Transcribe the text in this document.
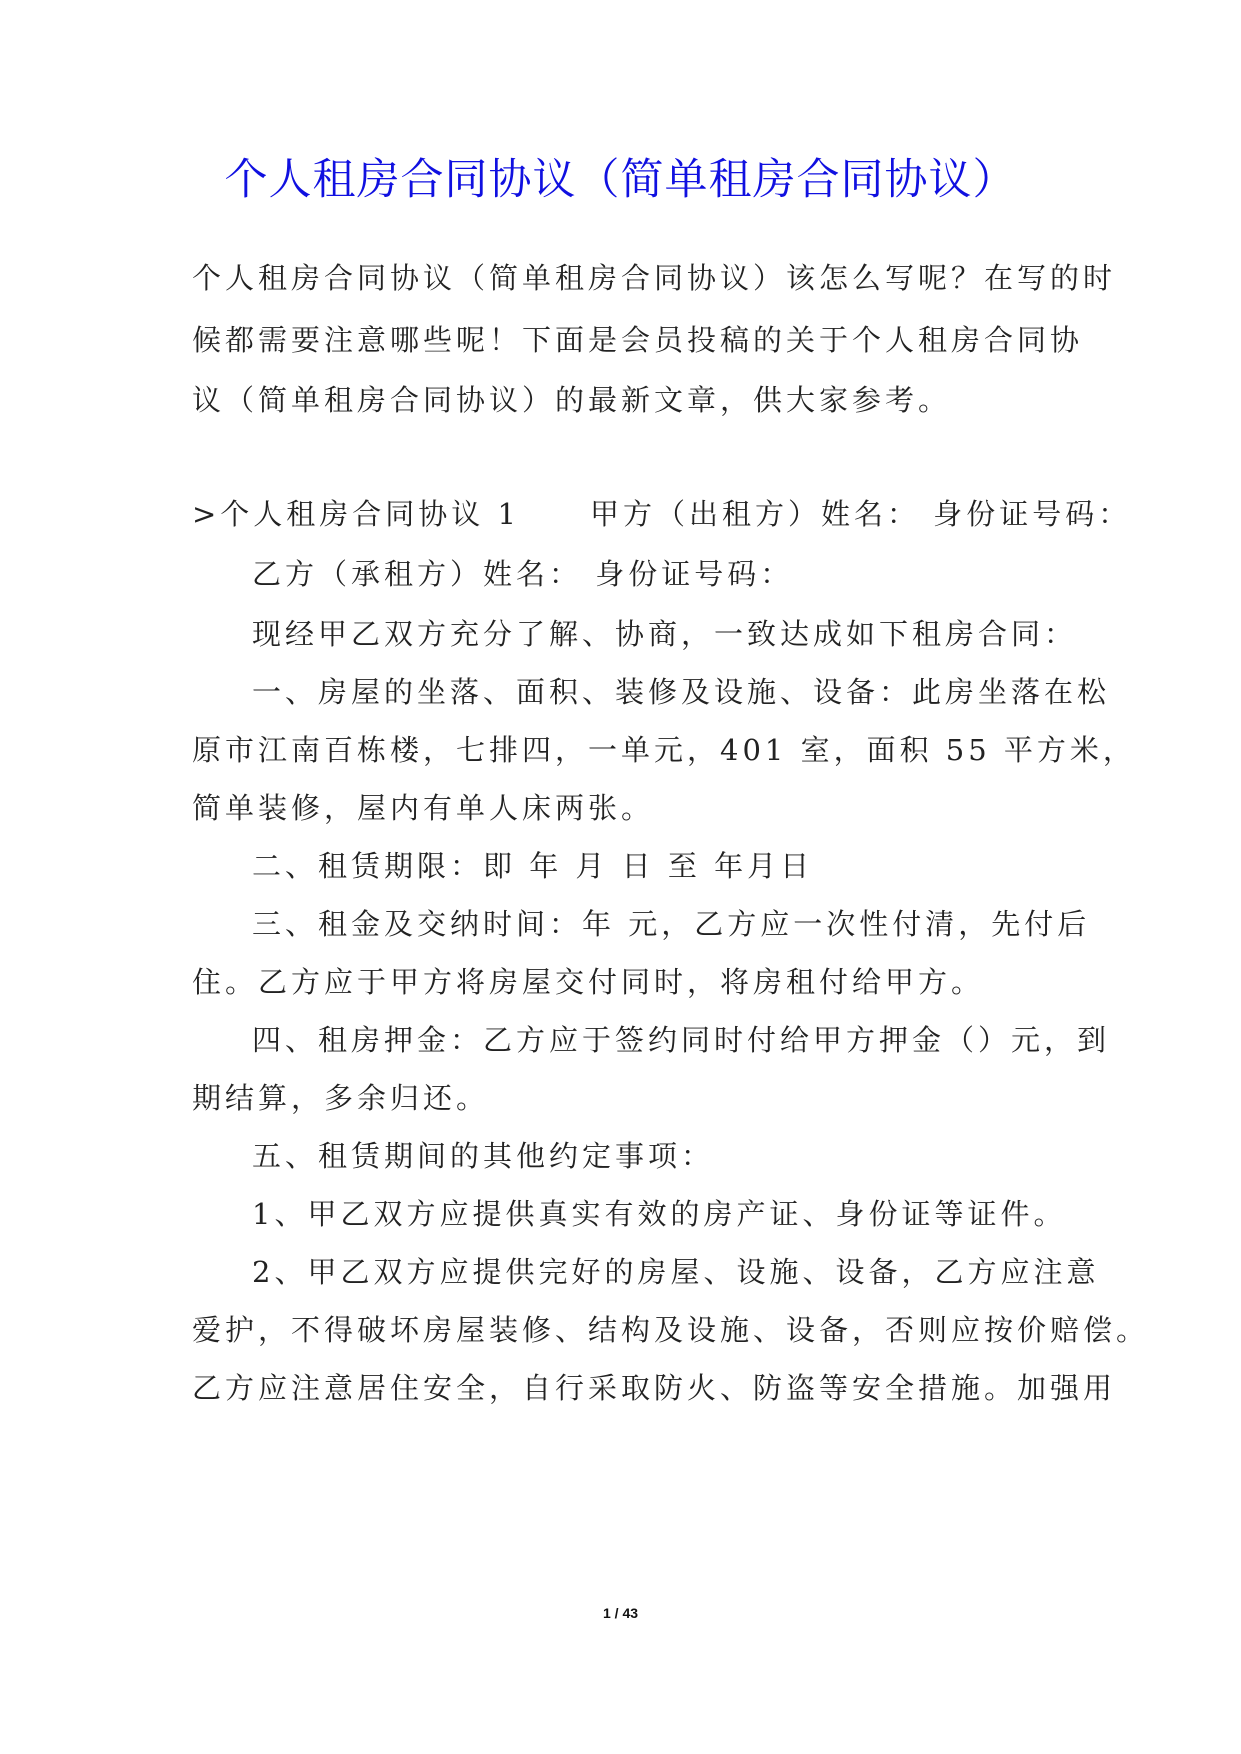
个人租房合同协议（简单租房合同协议）
个人租房合同协议（简单租房合同协议）该怎么写呢？在写的时
候都需要注意哪些呢！下面是会员投稿的关于个人租房合同协
议（简单租房合同协议）的最新文章，供大家参考。
>个人租房合同协议 1 甲方（出租方）姓名： 身份证号码：
乙方（承租方）姓名： 身份证号码：
现经甲乙双方充分了解、协商，一致达成如下租房合同：
一、房屋的坐落、面积、装修及设施、设备：此房坐落在松
原市江南百栋楼，七排四，一单元，401 室，面积 55 平方米，
简单装修，屋内有单人床两张。
二、租赁期限：即 年 月 日 至 年月日
三、租金及交纳时间：年 元，乙方应一次性付清，先付后
住。乙方应于甲方将房屋交付同时，将房租付给甲方。
四、租房押金：乙方应于签约同时付给甲方押金（）元，到
期结算，多余归还。
五、租赁期间的其他约定事项：
1、甲乙双方应提供真实有效的房产证、身份证等证件。
2、甲乙双方应提供完好的房屋、设施、设备，乙方应注意
爱护，不得破坏房屋装修、结构及设施、设备，否则应按价赔偿。
乙方应注意居住安全，自行采取防火、防盗等安全措施。加强用
1 / 43
